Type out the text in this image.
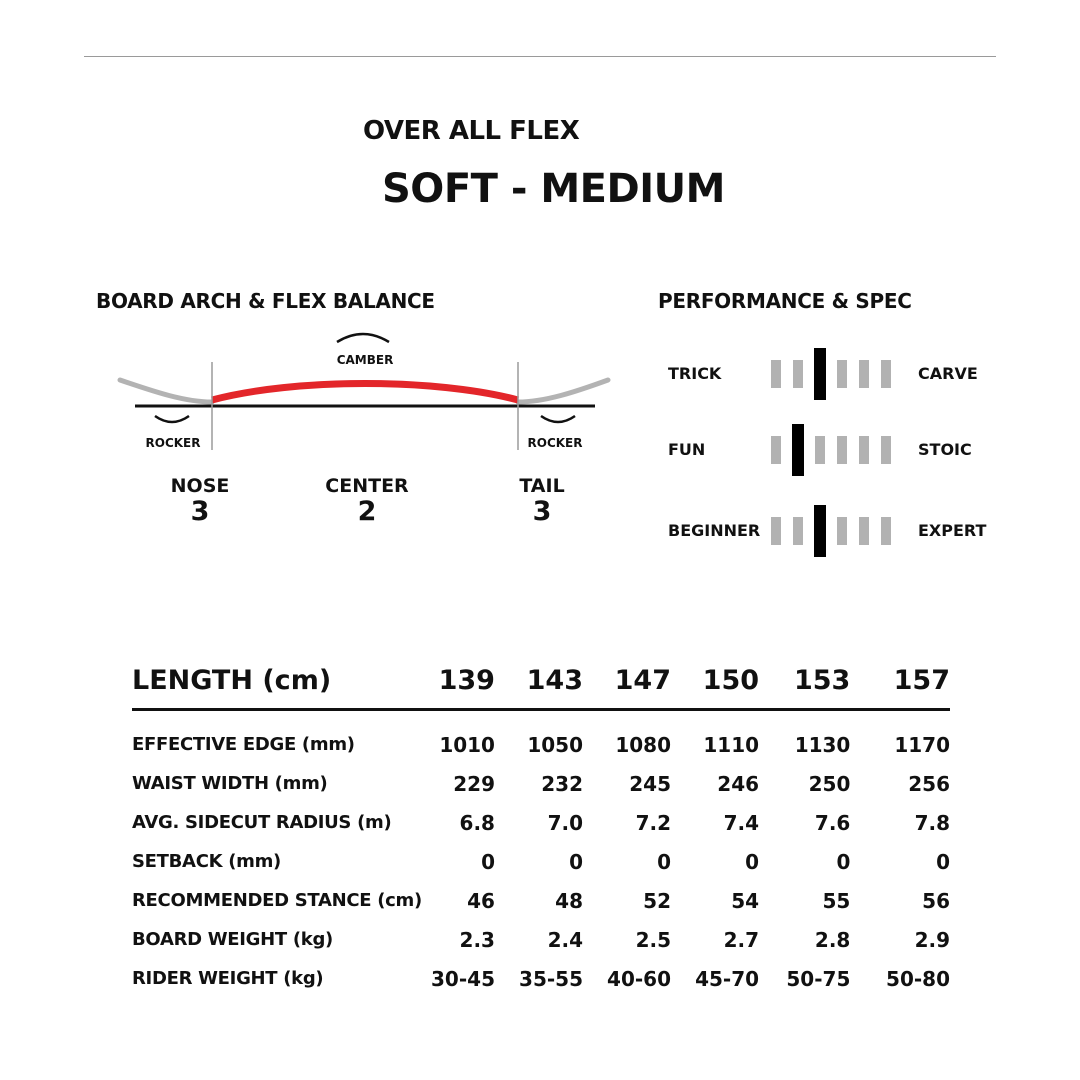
OVER ALL FLEX
SOFT - MEDIUM
BOARD ARCH & FLEX BALANCE
CAMBER
ROCKER	ROCKER
NOSE
3
CENTER
2
TAIL
3
PERFORMANCE & SPEC
TRICK	CARVE
FUN	STOIC
BEGINNER	EXPERT
LENGTH (cm)	139	143	147	150	153	157
EFFECTIVE EDGE (mm)	1010	1050	1080	1110	1130	1170
WAIST WIDTH (mm)	229	232	245	246	250	256
AVG. SIDECUT RADIUS (m)	6.8	7.0	7.2	7.4	7.6	7.8
SETBACK (mm)	0	0	0	0	0	0
RECOMMENDED STANCE (cm)	46	48	52	54	55	56
BOARD WEIGHT (kg)	2.3	2.4	2.5	2.7	2.8	2.9
RIDER WEIGHT (kg)	30-45	35-55	40-60	45-70	50-75	50-80
